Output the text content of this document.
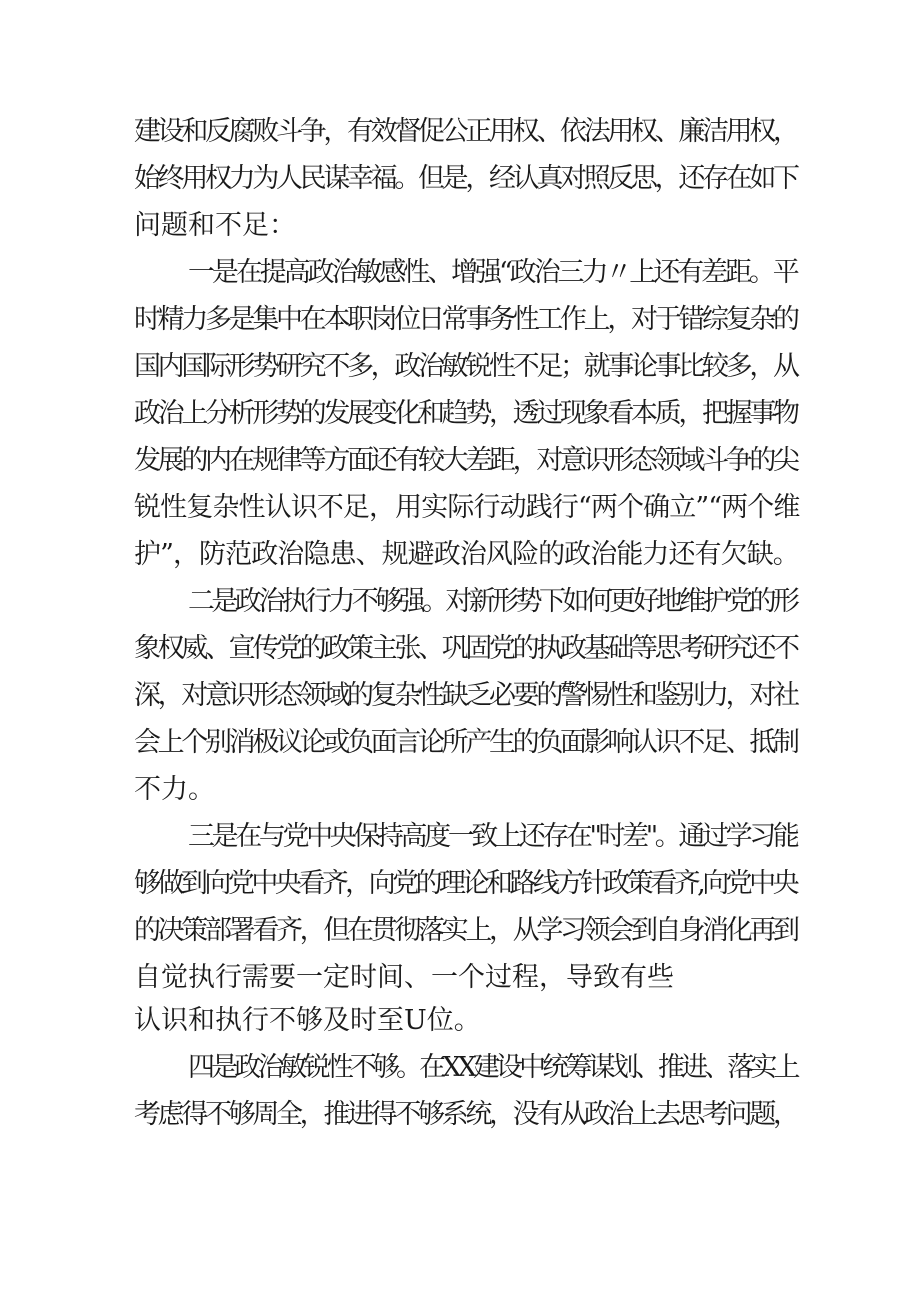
建设和反腐败斗争，有效督促公正用权、依法用权、廉洁用权，

始终用权力为人民谋幸福。但是，经认真对照反思，还存在如下

问题和不足：

一是在提高政治敏感性、增强“政治三力〃上还有差距。平

时精力多是集中在本职岗位日常事务性工作上，对于错综复杂的

国内国际形势研究不多，政治敏锐性不足；就事论事比较多，从

政治上分析形势的发展变化和趋势，透过现象看本质，把握事物

发展的内在规律等方面还有较大差距，对意识形态领域斗争的尖

锐性复杂性认识不足，用实际行动践行“两个确立”“两个维

护”，防范政治隐患、规避政治风险的政治能力还有欠缺。

二是政治执行力不够强。对新形势下如何更好地维护党的形

象权威、宣传党的政策主张、巩固党的执政基础等思考研究还不

深，对意识形态领域的复杂性缺乏必要的警惕性和鉴别力，对社

会上个别消极议论或负面言论所产生的负面影响认识不足、抵制

不力。

三是在与党中央保持高度一致上还存在"时差"。通过学习能

够做到向党中央看齐，向党的理论和路线方针政策看齐,向党中央

的决策部署看齐，但在贯彻落实上，从学习领会到自身消化再到

自觉执行需要一定时间、一个过程，导致有些

认识和执行不够及时至U位。

四是政治敏锐性不够。在XX建设中统筹谋划、推进、落实上

考虑得不够周全，推进得不够系统，没有从政治上去思考问题，
